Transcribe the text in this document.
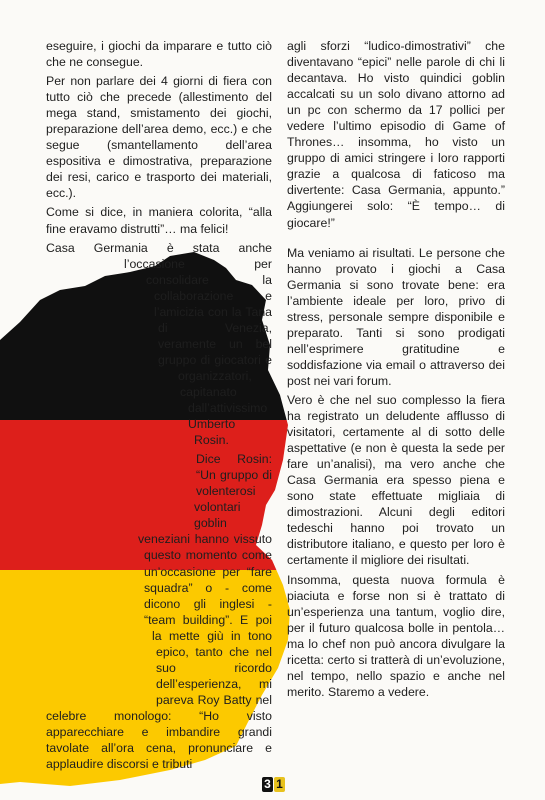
eseguire, i giochi da imparare e tutto ciò che ne consegue.

Per non parlare dei 4 giorni di fiera con tutto ciò che precede (allestimento del mega stand, smistamento dei giochi, preparazione dell’area demo, ecc.) e che segue (smantellamento dell’area espositiva e dimostrativa, preparazione dei resi, carico e trasporto dei materiali, ecc.).

Come si dice, in maniera colorita, “alla fine eravamo distrutti”… ma felici!

Casa Germania è stata anche l’occasione per consolidare la collaborazione e l’amicizia con la Tana di Venezia, veramente un bel gruppo di giocatori e organizzatori, capitanato dall’attivissimo Umberto Rosin.

Dice Rosin: “Un gruppo di volenterosi volontari goblin veneziani hanno vissuto questo momento come un’occasione per “fare squadra” o - come dicono gli inglesi - “team building”. E poi la mette giù in tono epico, tanto che nel suo ricordo dell’esperienza, mi pareva Roy Batty nel celebre monologo: “Ho visto apparecchiare e imbandire grandi tavolate all’ora cena, pronunciare e applaudire discorsi e tributi

agli sforzi “ludico-dimostrativi” che diventavano “epici” nelle parole di chi li decantava. Ho visto quindici goblin accalcati su un solo divano attorno ad un pc con schermo da 17 pollici per vedere l’ultimo episodio di Game of Thrones… insomma, ho visto un gruppo di amici stringere i loro rapporti grazie a qualcosa di faticoso ma divertente: Casa Germania, appunto.” Aggiungerei solo: “È tempo… di giocare!”

Ma veniamo ai risultati. Le persone che hanno provato i giochi a Casa Germania si sono trovate bene: era l’ambiente ideale per loro, privo di stress, personale sempre disponibile e preparato. Tanti si sono prodigati nell’esprimere gratitudine e soddisfazione via email o attraverso dei post nei vari forum.

Vero è che nel suo complesso la fiera ha registrato un deludente afflusso di visitatori, certamente al di sotto delle aspettative (e non è questa la sede per fare un’analisi), ma vero anche che Casa Germania era spesso piena e sono state effettuate migliaia di dimostrazioni. Alcuni degli editori tedeschi hanno poi trovato un distributore italiano, e questo per loro è certamente il migliore dei risultati.

Insomma, questa nuova formula è piaciuta e forse non si è trattato di un’esperienza una tantum, voglio dire, per il futuro qualcosa bolle in pentola… ma lo chef non può ancora divulgare la ricetta: certo si tratterà di un’evoluzione, nel tempo, nello spazio e anche nel merito. Staremo a vedere.

3 1
